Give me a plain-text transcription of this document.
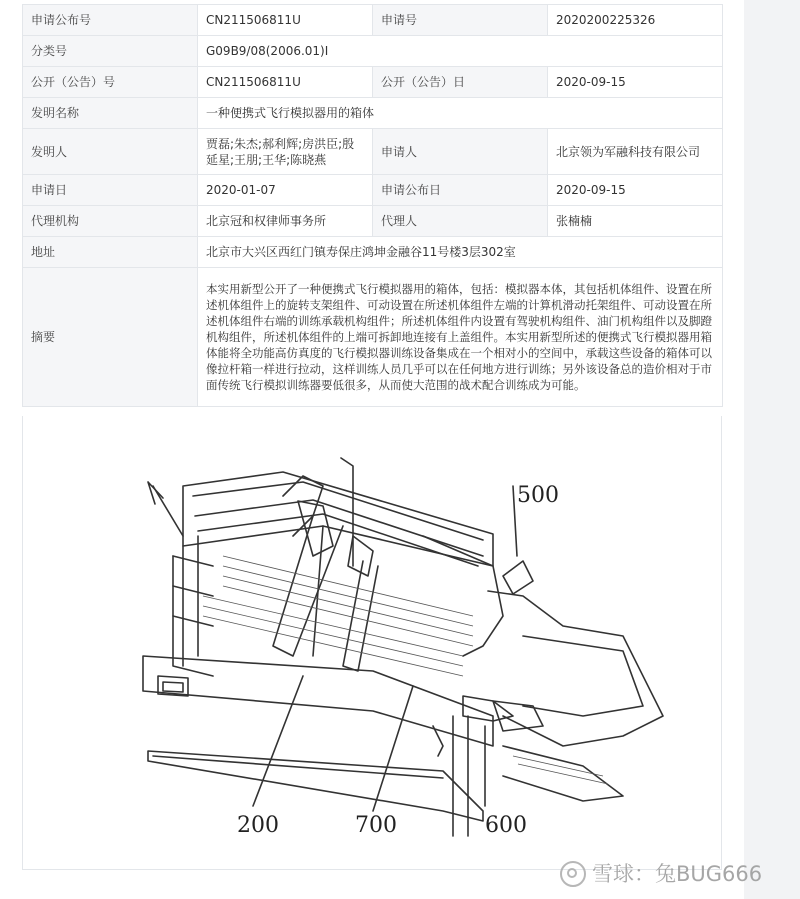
申请公布号	CN211506811U	申请号	2020200225326
分类号	G09B9/08(2006.01)I		
公开（公告）号	CN211506811U	公开（公告）日	2020-09-15
发明名称	一种便携式飞行模拟器用的箱体		
发明人	贾磊;朱杰;郝利辉;房洪臣;殷延星;王朋;王华;陈晓燕	申请人	北京领为军融科技有限公司
申请日	2020-01-07	申请公布日	2020-09-15
代理机构	北京冠和权律师事务所	代理人	张楠楠
地址	北京市大兴区西红门镇寿保庄鸿坤金融谷11号楼3层302室		
摘要	本实用新型公开了一种便携式飞行模拟器用的箱体，包括：模拟器本体，其包括机体组件、设置在所述机体组件上的旋转支架组件、可动设置在所述机体组件左端的计算机滑动托架组件、可动设置在所述机体组件右端的训练承载机构组件；所述机体组件内设置有驾驶机构组件、油门机构组件以及脚蹬机构组件，所述机体组件的上端可拆卸地连接有上盖组件。本实用新型所述的便携式飞行模拟器用箱体能将全功能高仿真度的飞行模拟器训练设备集成在一个相对小的空间中，承载这些设备的箱体可以像拉杆箱一样进行拉动，这样训练人员几乎可以在任何地方进行训练；另外该设备总的造价相对于市面传统飞行模拟训练器要低很多，从而使大范围的战术配合训练成为可能。		
500
200	700	600
雪球：兔BUG666
